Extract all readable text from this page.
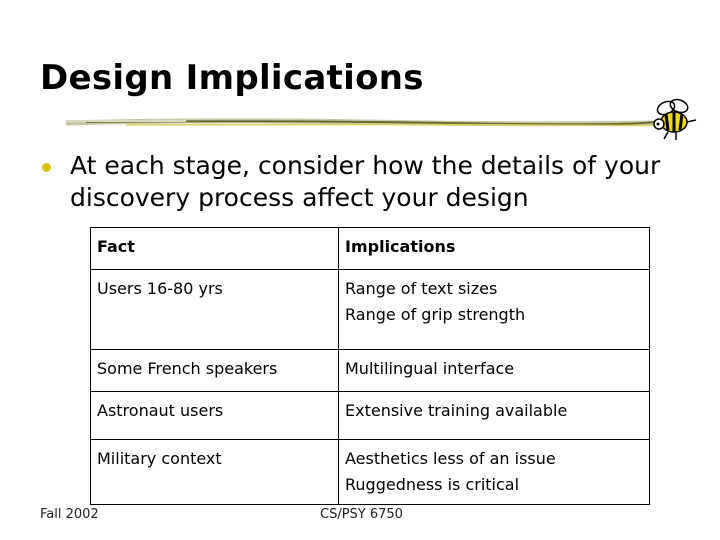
Design Implications
At each stage, consider how the details of your discovery process affect your design
Fact	Implications
Users 16-80 yrs	Range of text sizes
Range of grip strength

Some French speakers	Multilingual interface

Astronaut users	Extensive training available

Military context	Aesthetics less of an issue
Ruggedness is critical
Fall 2002	CS/PSY 6750
